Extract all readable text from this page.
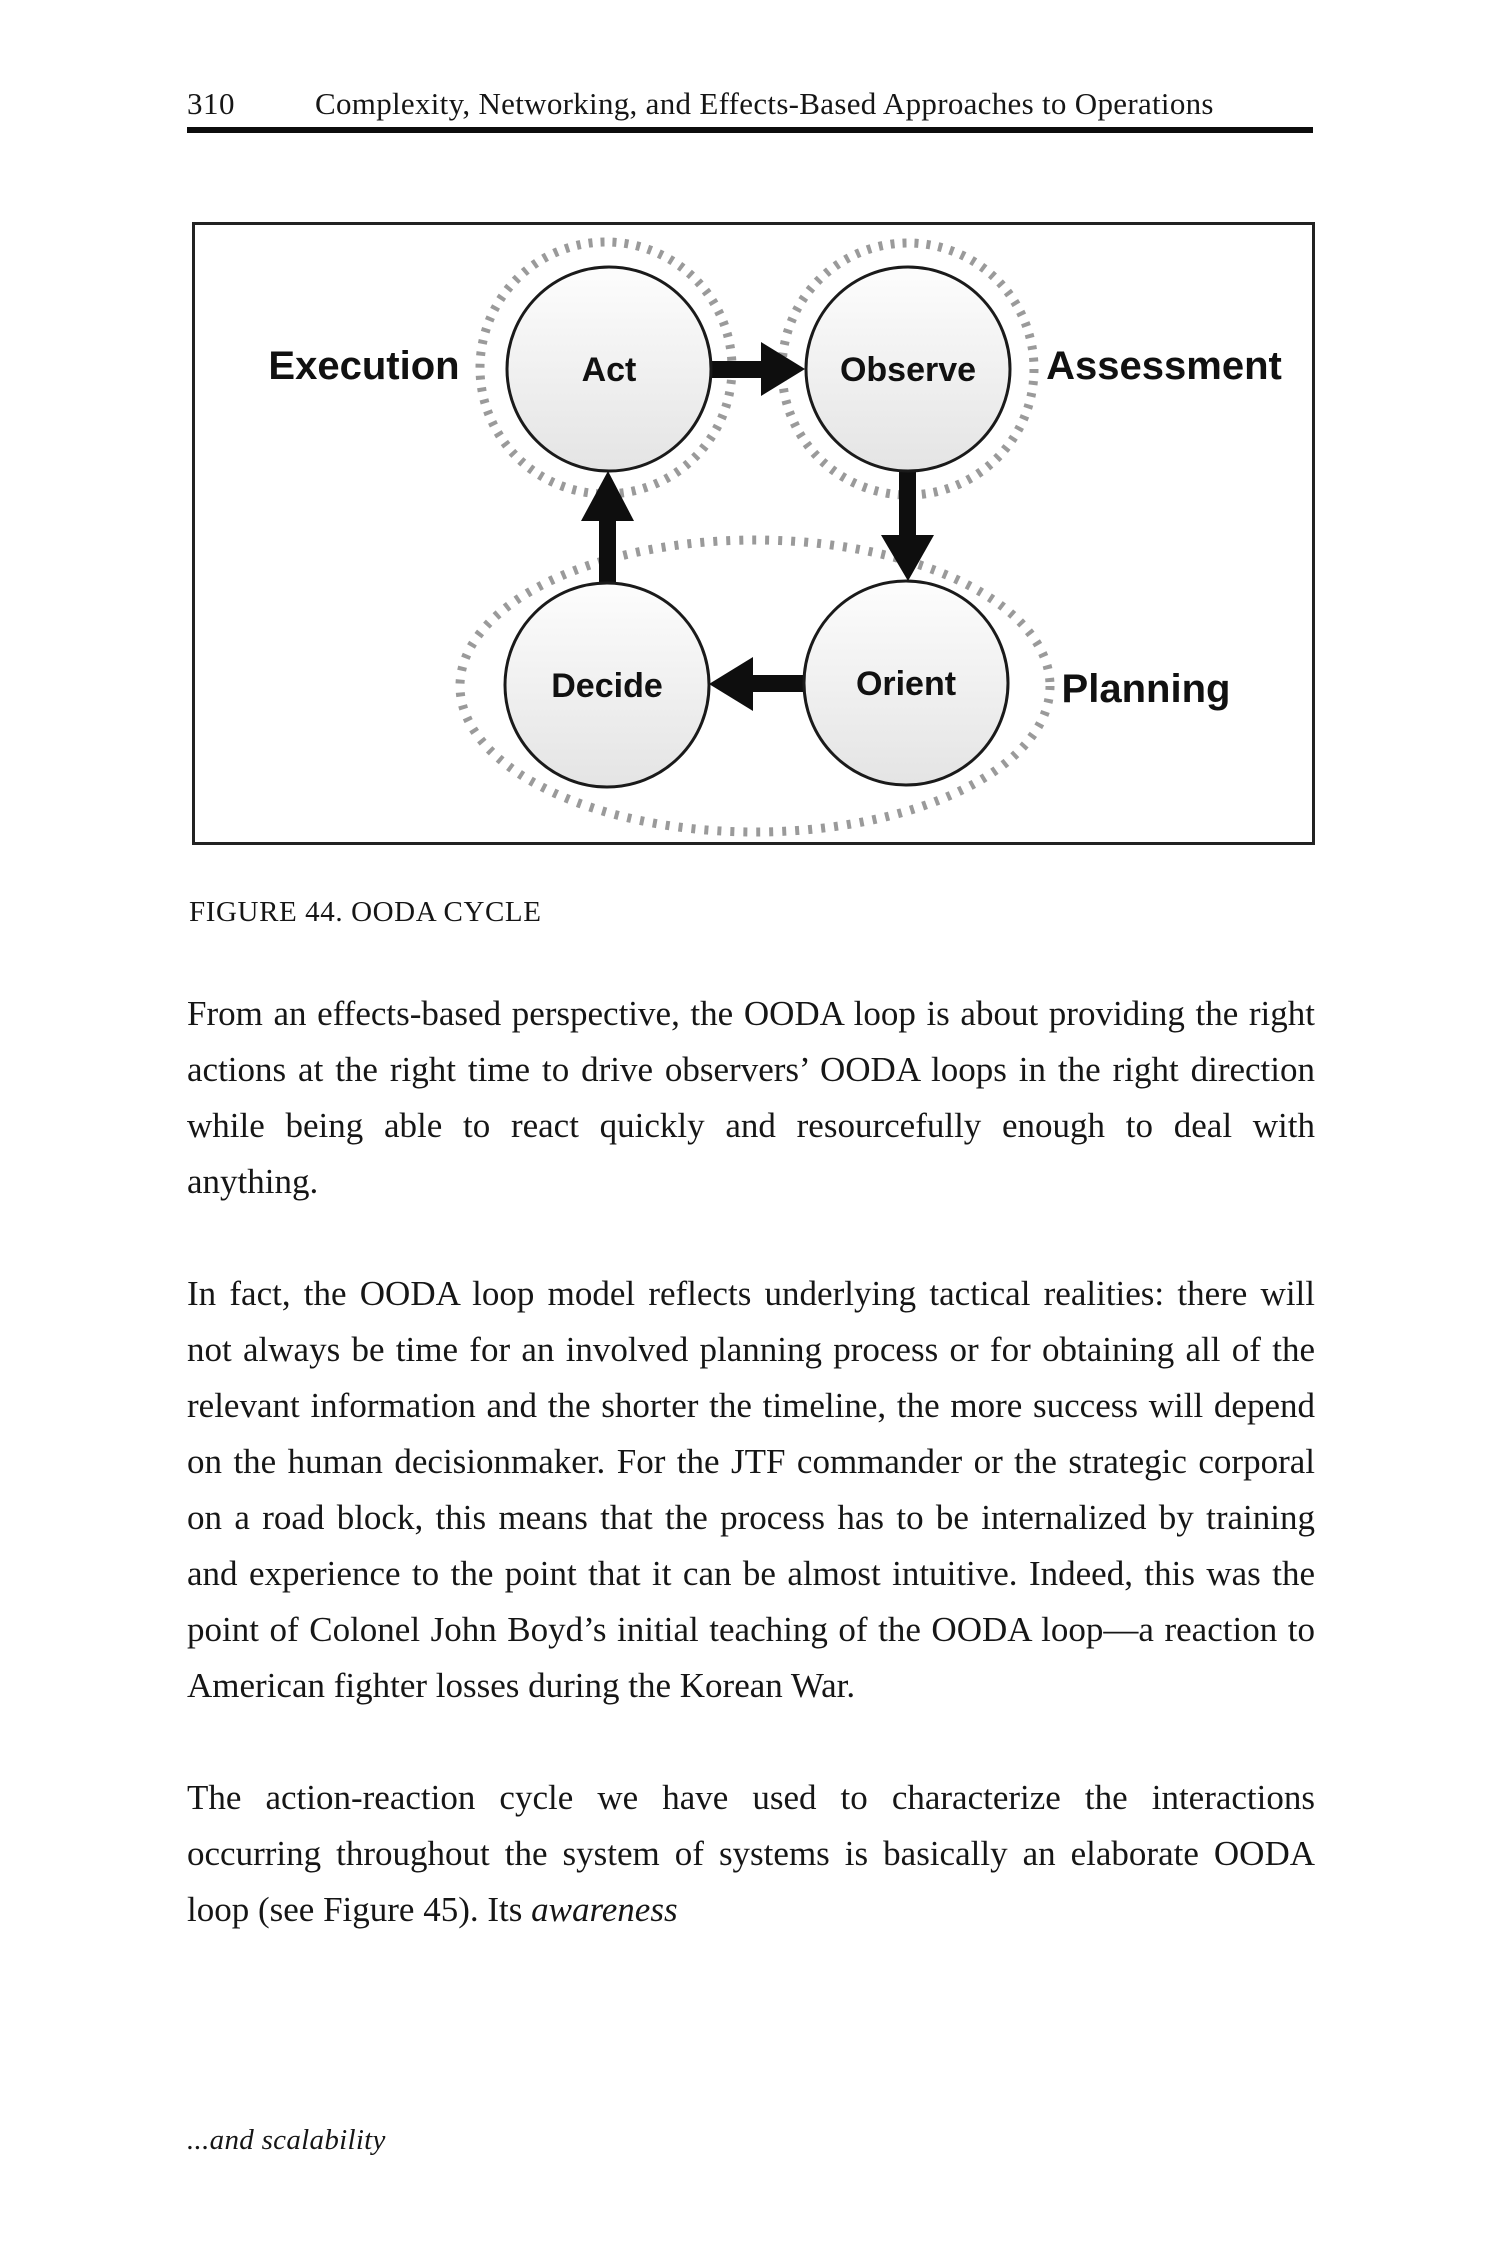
310	Complexity, Networking, and Effects-Based Approaches to Operations
Act	Observe
Decide	Orient
Execution	Assessment
Planning
FIGURE 44. OODA CYCLE

From an effects-based perspective, the OODA loop is about providing the right actions at the right time to drive observers’ OODA loops in the right direction while being able to react quickly and resourcefully enough to deal with anything.

In fact, the OODA loop model reflects underlying tactical realities: there will not always be time for an involved planning process or for obtaining all of the relevant information and the shorter the timeline, the more success will depend on the human decisionmaker. For the JTF commander or the strategic corporal on a road block, this means that the process has to be internalized by training and experience to the point that it can be almost intuitive. Indeed, this was the point of Colonel John Boyd’s initial teaching of the OODA loop—a reaction to American fighter losses during the Korean War.

The action-reaction cycle we have used to characterize the interactions occurring throughout the system of systems is basically an elaborate OODA loop (see Figure 45). Its awareness

...and scalability
